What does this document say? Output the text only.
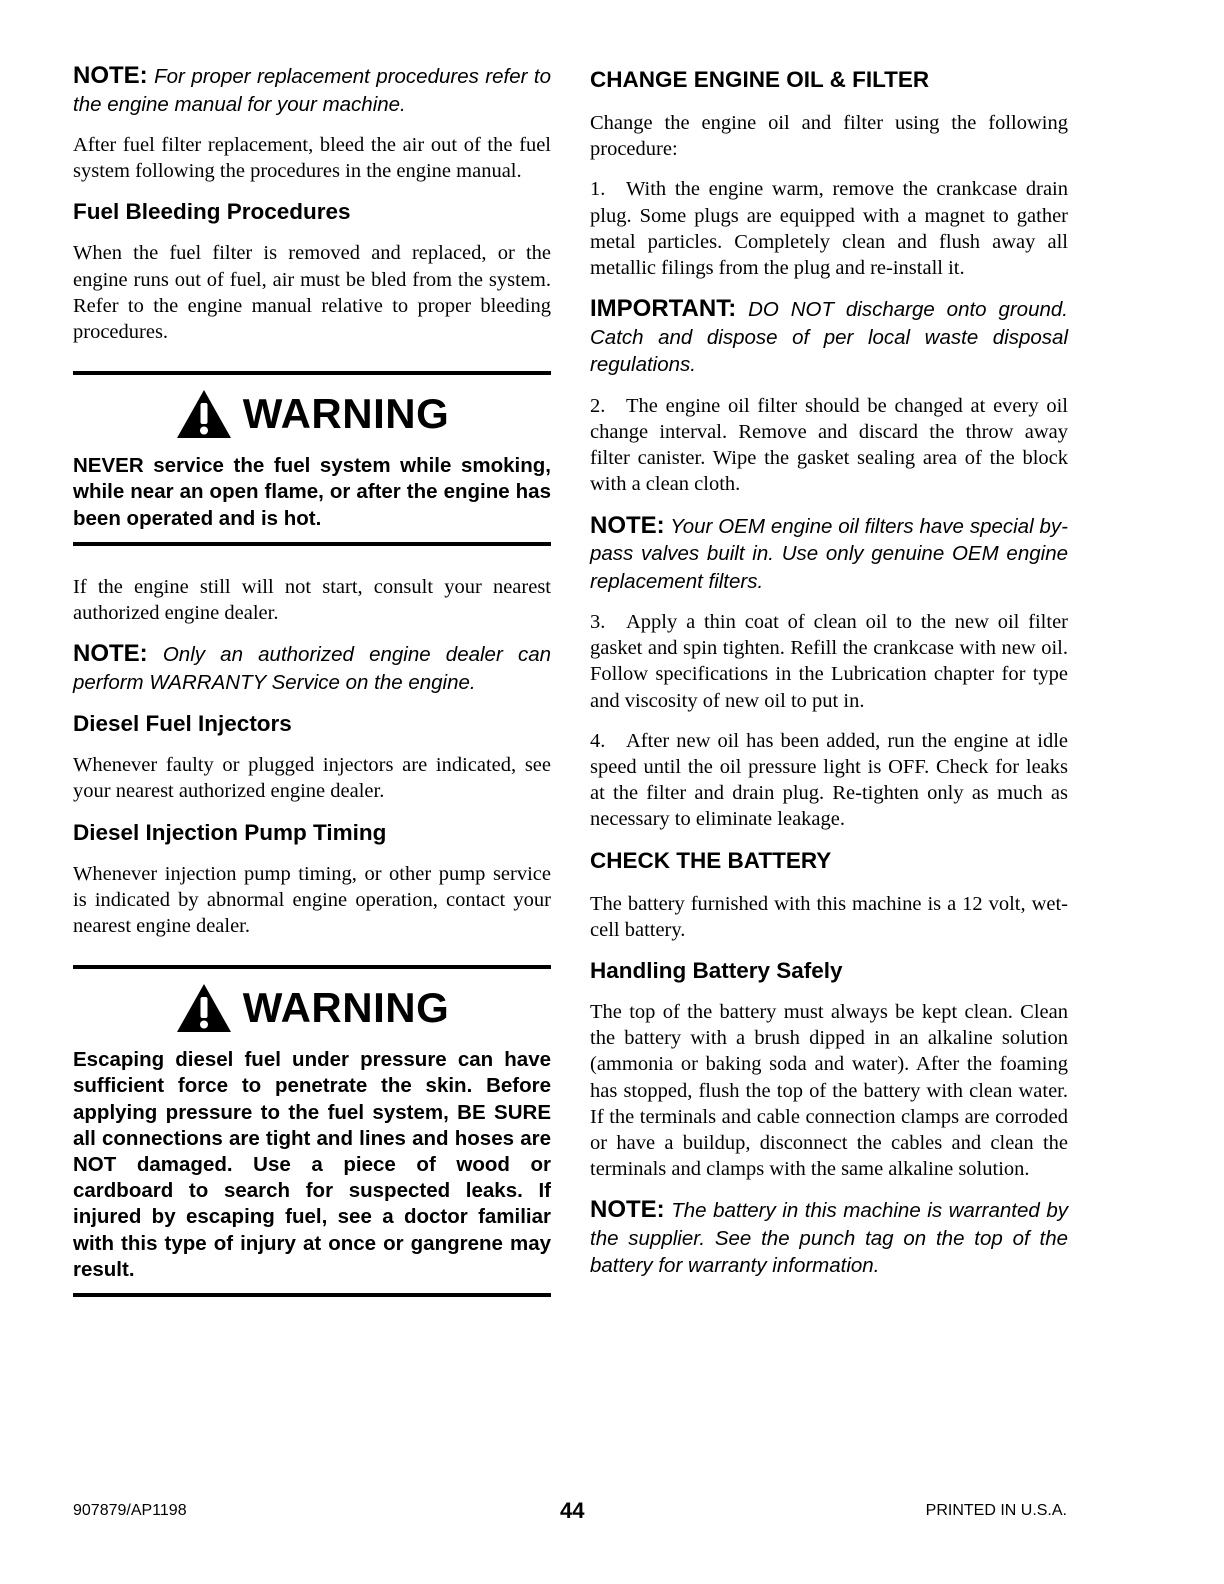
NOTE: For proper replacement procedures refer to the engine manual for your machine.

After fuel filter replacement, bleed the air out of the fuel system following the procedures in the engine manual.

Fuel Bleeding Procedures

When the fuel filter is removed and replaced, or the engine runs out of fuel, air must be bled from the system. Refer to the engine manual relative to proper bleeding procedures.

WARNING

NEVER service the fuel system while smoking, while near an open flame, or after the engine has been operated and is hot.

If the engine still will not start, consult your nearest authorized engine dealer.

NOTE: Only an authorized engine dealer can perform WARRANTY Service on the engine.

Diesel Fuel Injectors

Whenever faulty or plugged injectors are indicated, see your nearest authorized engine dealer.

Diesel Injection Pump Timing

Whenever injection pump timing, or other pump service is indicated by abnormal engine operation, contact your nearest engine dealer.

WARNING

Escaping diesel fuel under pressure can have sufficient force to penetrate the skin. Before applying pressure to the fuel system, BE SURE all connections are tight and lines and hoses are NOT damaged. Use a piece of wood or cardboard to search for suspected leaks. If injured by escaping fuel, see a doctor familiar with this type of injury at once or gangrene may result.

CHANGE ENGINE OIL & FILTER

Change the engine oil and filter using the following procedure:

1. With the engine warm, remove the crankcase drain plug. Some plugs are equipped with a magnet to gather metal particles. Completely clean and flush away all metallic filings from the plug and re-install it.

IMPORTANT: DO NOT discharge onto ground. Catch and dispose of per local waste disposal regulations.

2. The engine oil filter should be changed at every oil change interval. Remove and discard the throw away filter canister. Wipe the gasket sealing area of the block with a clean cloth.

NOTE: Your OEM engine oil filters have special by-pass valves built in. Use only genuine OEM engine replacement filters.

3. Apply a thin coat of clean oil to the new oil filter gasket and spin tighten. Refill the crankcase with new oil. Follow specifications in the Lubrication chapter for type and viscosity of new oil to put in.

4. After new oil has been added, run the engine at idle speed until the oil pressure light is OFF. Check for leaks at the filter and drain plug. Re-tighten only as much as necessary to eliminate leakage.

CHECK THE BATTERY

The battery furnished with this machine is a 12 volt, wet-cell battery.

Handling Battery Safely

The top of the battery must always be kept clean. Clean the battery with a brush dipped in an alkaline solution (ammonia or baking soda and water). After the foaming has stopped, flush the top of the battery with clean water. If the terminals and cable connection clamps are corroded or have a buildup, disconnect the cables and clean the terminals and clamps with the same alkaline solution.

NOTE: The battery in this machine is warranted by the supplier. See the punch tag on the top of the battery for warranty information.

907879/AP1198	44	PRINTED IN U.S.A.
